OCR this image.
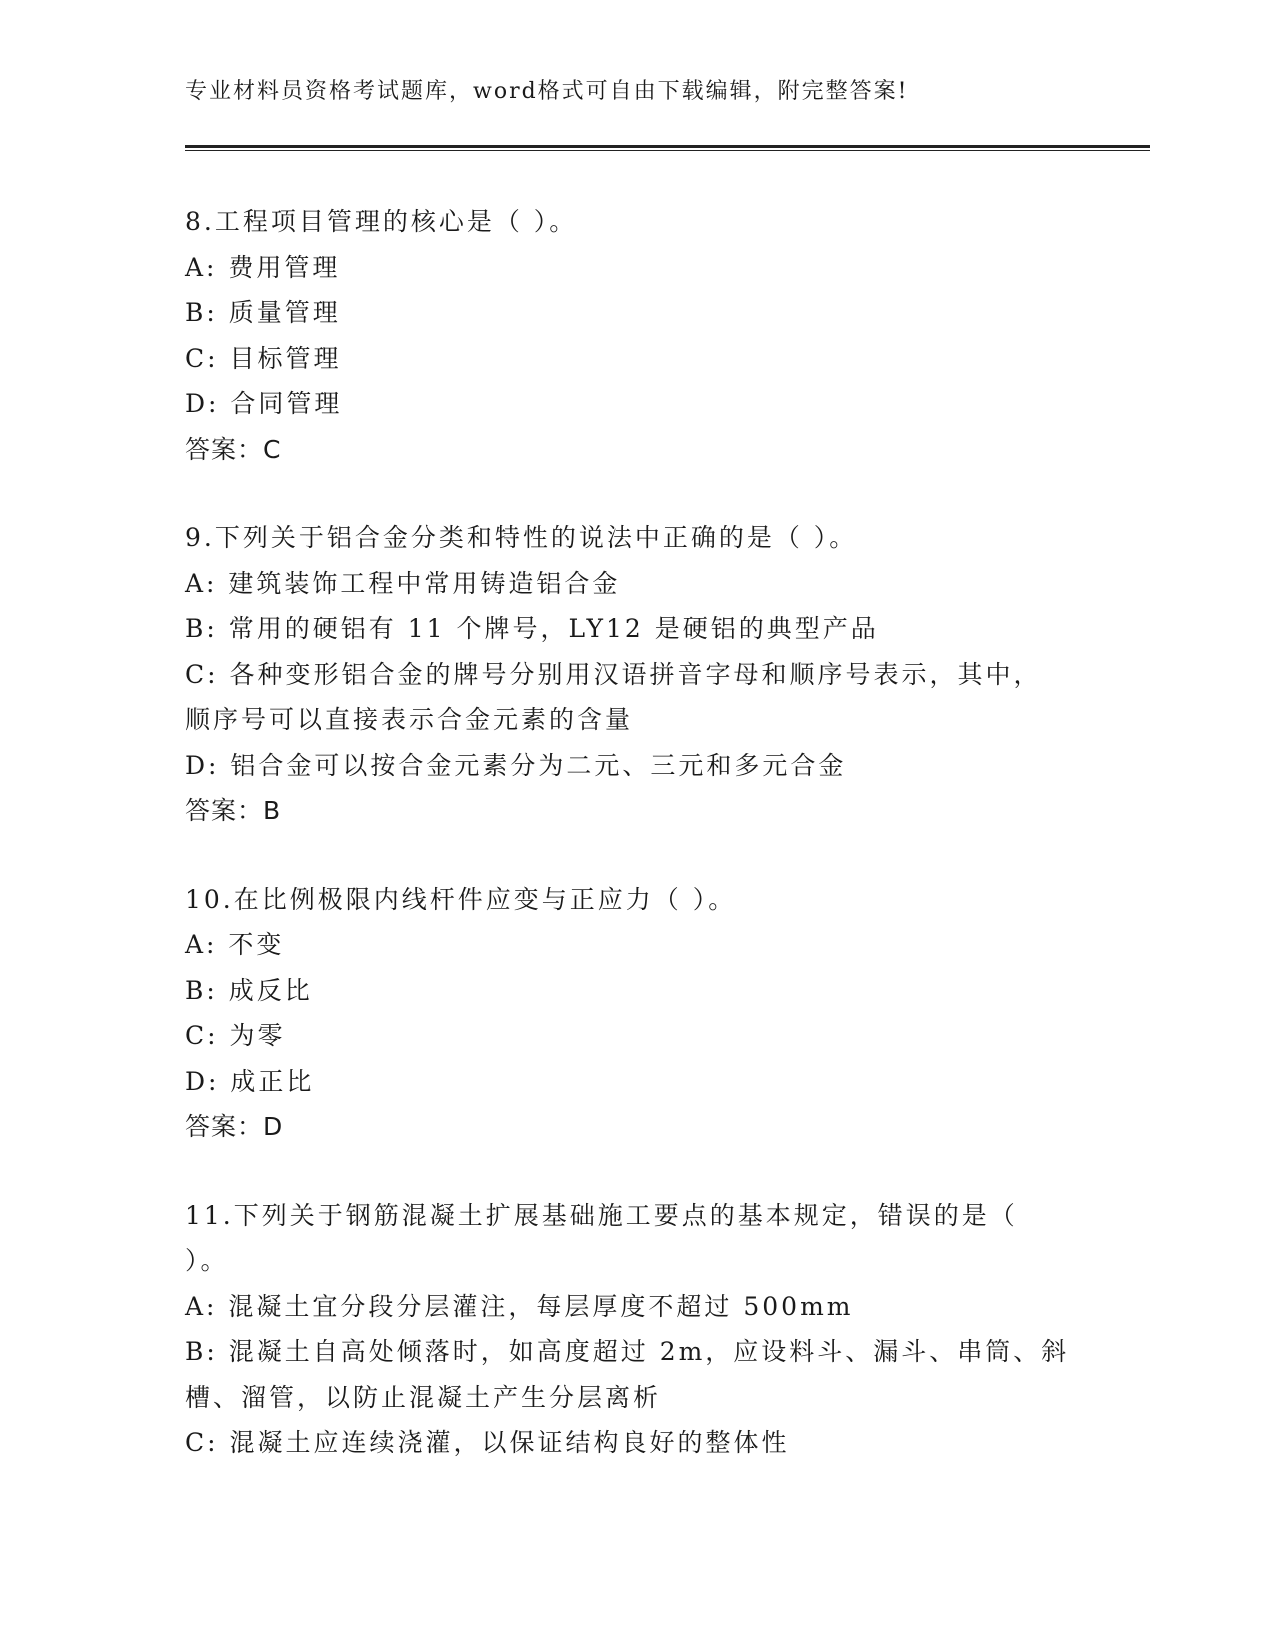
专业材料员资格考试题库，word格式可自由下载编辑，附完整答案!
8.工程项目管理的核心是（ ）。
A: 费用管理
B: 质量管理
C: 目标管理
D: 合同管理
答案：C
9.下列关于铝合金分类和特性的说法中正确的是（ ）。
A: 建筑装饰工程中常用铸造铝合金
B: 常用的硬铝有 11 个牌号，LY12 是硬铝的典型产品
C: 各种变形铝合金的牌号分别用汉语拼音字母和顺序号表示，其中，
顺序号可以直接表示合金元素的含量
D: 铝合金可以按合金元素分为二元、三元和多元合金
答案：B
10.在比例极限内线杆件应变与正应力（ ）。
A: 不变
B: 成反比
C: 为零
D: 成正比
答案：D
11.下列关于钢筋混凝土扩展基础施工要点的基本规定，错误的是（
）。
A: 混凝土宜分段分层灌注，每层厚度不超过 500mm
B: 混凝土自高处倾落时，如高度超过 2m，应设料斗、漏斗、串筒、斜
槽、溜管，以防止混凝土产生分层离析
C: 混凝土应连续浇灌，以保证结构良好的整体性
